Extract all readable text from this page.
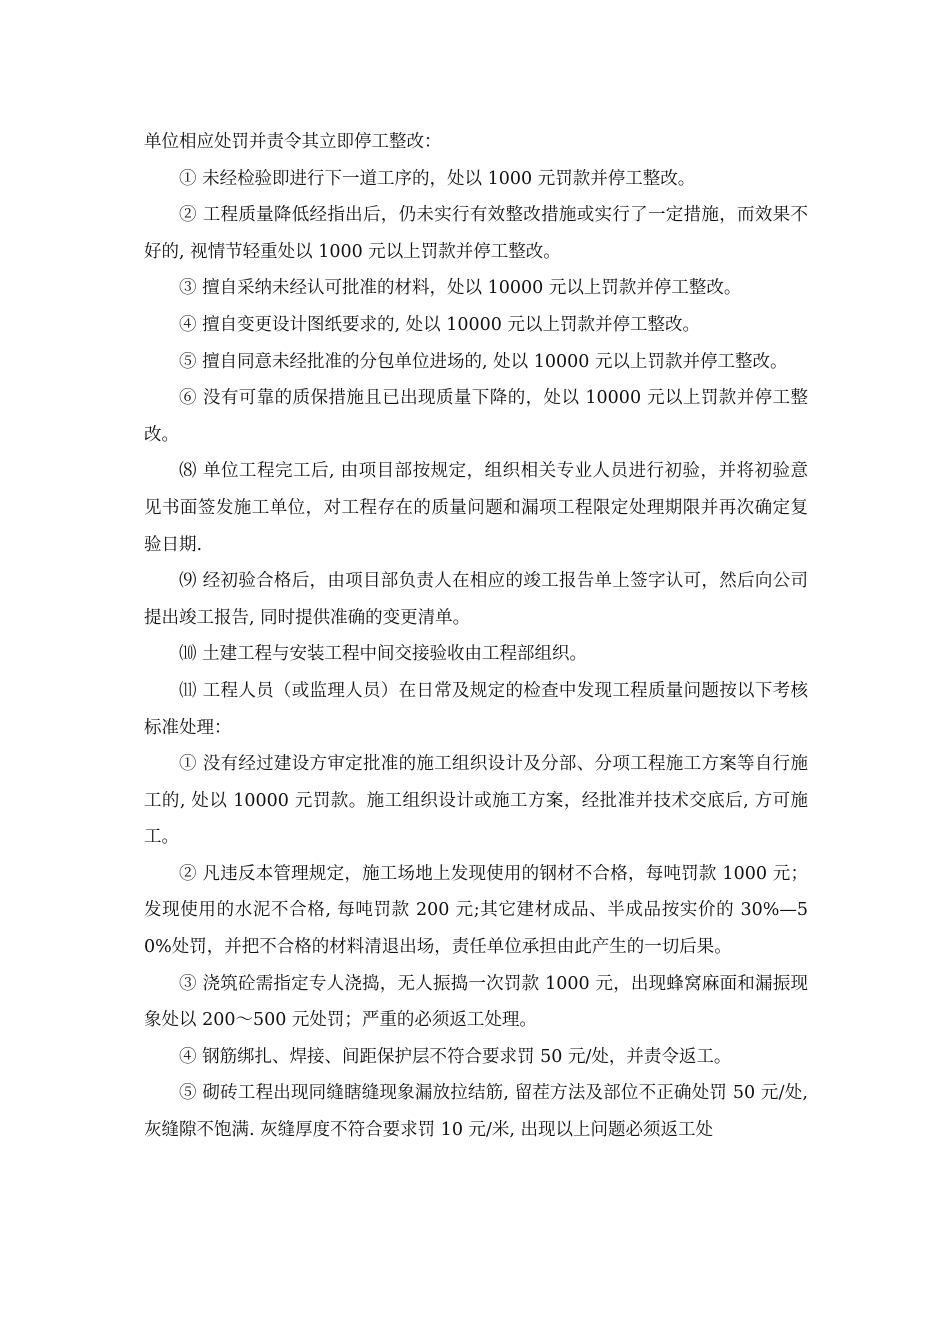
单位相应处罚并责令其立即停工整改：

① 未经检验即进行下一道工序的，处以 1000 元罚款并停工整改。

② 工程质量降低经指出后，仍未实行有效整改措施或实行了一定措施，而效果不好的, 视情节轻重处以 1000 元以上罚款并停工整改。

③ 擅自采纳未经认可批准的材料，处以 10000 元以上罚款并停工整改。

④ 擅自变更设计图纸要求的, 处以 10000 元以上罚款并停工整改。

⑤ 擅自同意未经批准的分包单位进场的, 处以 10000 元以上罚款并停工整改。

⑥ 没有可靠的质保措施且已出现质量下降的，处以 10000 元以上罚款并停工整改。

⑻ 单位工程完工后, 由项目部按规定，组织相关专业人员进行初验，并将初验意见书面签发施工单位，对工程存在的质量问题和漏项工程限定处理期限并再次确定复验日期.

⑼ 经初验合格后，由项目部负责人在相应的竣工报告单上签字认可，然后向公司提出竣工报告, 同时提供准确的变更清单。

⑽ 土建工程与安装工程中间交接验收由工程部组织。

⑾ 工程人员（或监理人员）在日常及规定的检查中发现工程质量问题按以下考核标准处理：

① 没有经过建设方审定批准的施工组织设计及分部、分项工程施工方案等自行施工的, 处以 10000 元罚款。施工组织设计或施工方案，经批准并技术交底后, 方可施工。

② 凡违反本管理规定，施工场地上发现使用的钢材不合格，每吨罚款 1000 元；发现使用的水泥不合格, 每吨罚款 200 元;其它建材成品、半成品按实价的 30%—50%处罚，并把不合格的材料清退出场，责任单位承担由此产生的一切后果。

③ 浇筑砼需指定专人浇捣，无人振捣一次罚款 1000 元，出现蜂窝麻面和漏振现象处以 200～500 元处罚；严重的必须返工处理。

④ 钢筋绑扎、焊接、间距保护层不符合要求罚 50 元/处，并责令返工。

⑤ 砌砖工程出现同缝瞎缝现象漏放拉结筋, 留茬方法及部位不正确处罚 50 元/处, 灰缝隙不饱满. 灰缝厚度不符合要求罚 10 元/米, 出现以上问题必须返工处
